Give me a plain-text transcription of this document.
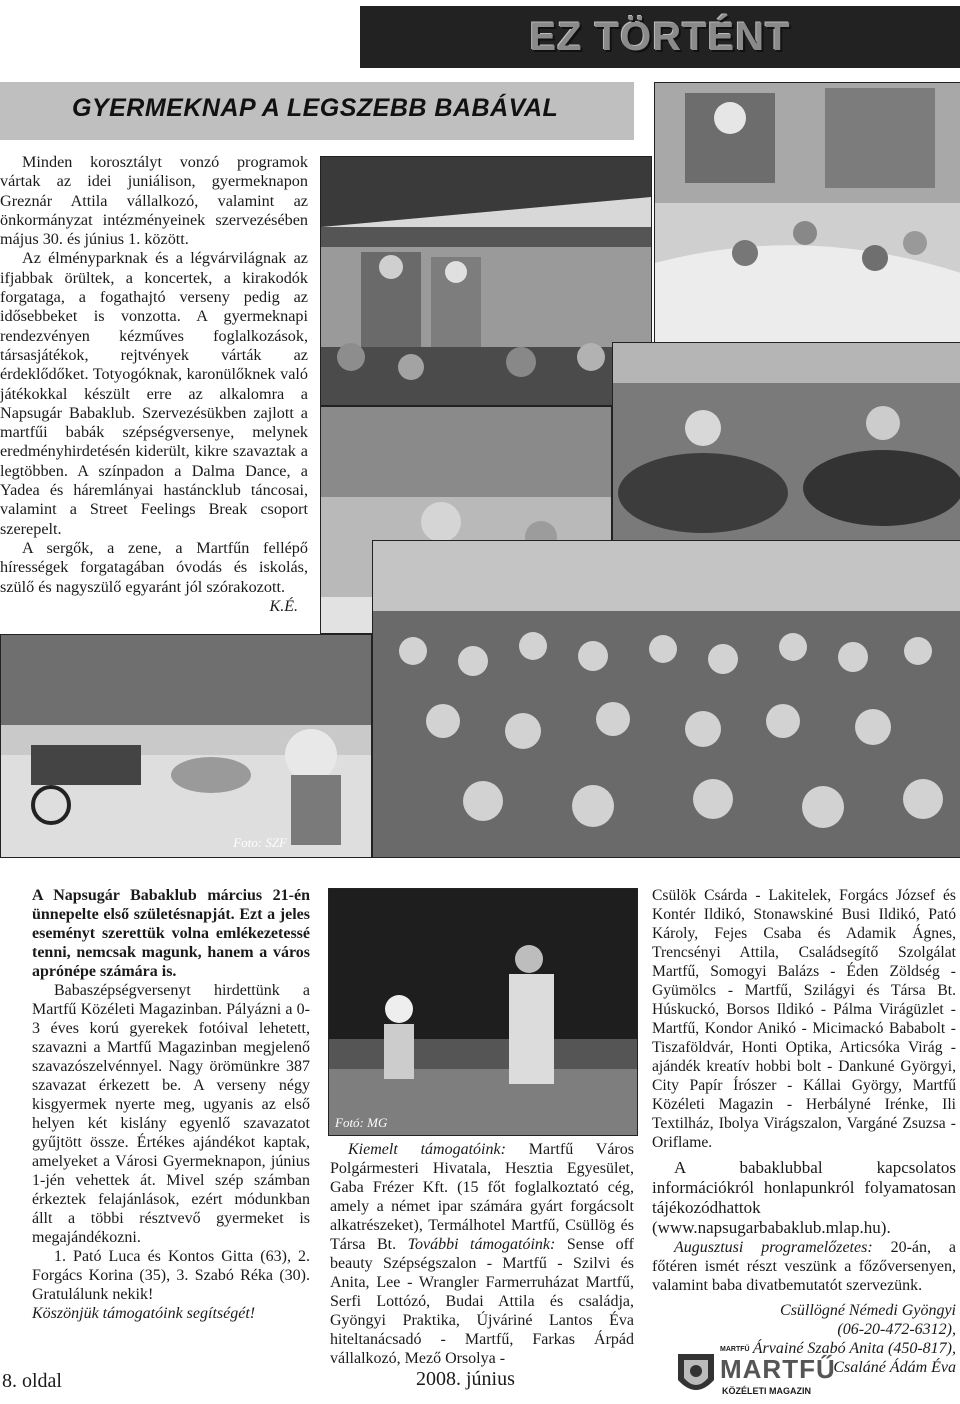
EZ TÖRTÉNT
GYERMEKNAP A LEGSZEBB BABÁVAL

Minden korosztályt vonzó programok vártak az idei juniálison, gyermeknapon Greznár Attila vállalkozó, valamint az önkormányzat intézményeinek szervezésében május 30. és június 1. között.

Az élményparknak és a légvárvilágnak az ifjabbak örültek, a koncertek, a kirakodók forgataga, a fogathajtó verseny pedig az idősebbeket is vonzotta. A gyermeknapi rendezvényen kézműves foglalkozások, társasjátékok, rejtvények várták az érdeklődőket. Totyogóknak, karonülőknek való játékokkal készült erre az alkalomra a Napsugár Babaklub. Szervezésükben zajlott a martfűi babák szépségversenye, melynek eredményhirdetésén kiderült, kikre szavaztak a legtöbben. A színpadon a Dalma Dance, a Yadea és háremlányai hastáncklub táncosai, valamint a Street Feelings Break csoport szerepelt.

A sergők, a zene, a Martfűn fellépő hírességek forgatagában óvodás és iskolás, szülő és nagyszülő egyaránt jól szórakozott.

K.É.
Foto: SZF

A Napsugár Babaklub március 21-én ünnepelte első születésnapját. Ezt a jeles eseményt szerettük volna emlékezetessé tenni, nemcsak magunk, hanem a város aprónépe számára is.

Babaszépségversenyt hirdettünk a Martfű Közéleti Magazinban. Pályázni a 0-3 éves korú gyerekek fotóival lehetett, szavazni a Martfű Magazinban megjelenő szavazószelvénnyel. Nagy örömünkre 387 szavazat érkezett be. A verseny négy kisgyermek nyerte meg, ugyanis az első helyen két kislány egyenlő szavazatot gyűjtött össze. Értékes ajándékot kaptak, amelyeket a Városi Gyermeknapon, június 1-jén vehettek át. Mivel szép számban érkeztek felajánlások, ezért módunkban állt a többi résztvevő gyermeket is megajándékozni.

1. Pató Luca és Kontos Gitta (63), 2. Forgács Korina (35), 3. Szabó Réka (30). Gratulálunk nekik!

Köszönjük támogatóink segítségét!

Fotó: MG

Kiemelt támogatóink: Martfű Város Polgármesteri Hivatala, Hesztia Egyesület, Gaba Frézer Kft. (15 főt foglalkoztató cég, amely a német ipar számára gyárt forgácsolt alkatrészeket), Termálhotel Martfű, Csüllög és Társa Bt. További támogatóink: Sense off beauty Szépségszalon - Martfű - Szilvi és Anita, Lee - Wrangler Farmerruházat Martfű, Serfi Lottózó, Budai Attila és családja, Gyöngyi Praktika, Újváriné Lantos Éva hiteltanácsadó - Martfű, Farkas Árpád vállalkozó, Mező Orsolya -

Csülök Csárda - Lakitelek, Forgács József és Kontér Ildikó, Stonawskiné Busi Ildikó, Pató Károly, Fejes Csaba és Adamik Ágnes, Trencsényi Attila, Családsegítő Szolgálat Martfű, Somogyi Balázs - Éden Zöldség - Gyümölcs - Martfű, Szilágyi és Társa Bt. Húskuckó, Borsos Ildikó - Pálma Virágüzlet - Martfű, Kondor Anikó - Micimackó Bababolt - Tiszaföldvár, Honti Optika, Articsóka Virág - ajándék kreatív hobbi bolt - Dankuné Györgyi, City Papír Írószer - Kállai György, Martfű Közéleti Magazin - Herbályné Irénke, Ili Textilház, Ibolya Virágszalon, Vargáné Zsuzsa - Oriflame.

A babaklubbal kapcsolatos információkról honlapunkról folyamatosan tájékozódhattok (www.napsugarbabaklub.mlap.hu).

Augusztusi programelőzetes: 20-án, a főtéren ismét részt veszünk a főzőversenyen, valamint baba divatbemutatót szervezünk.

Csüllögné Némedi Gyöngyi
(06-20-472-6312),
Árvainé Szabó Anita (450-817),
Csaláné Ádám Éva
8. oldal	2008. június
MARTFŰ
MARTFŰ
KÖZÉLETI MAGAZIN
